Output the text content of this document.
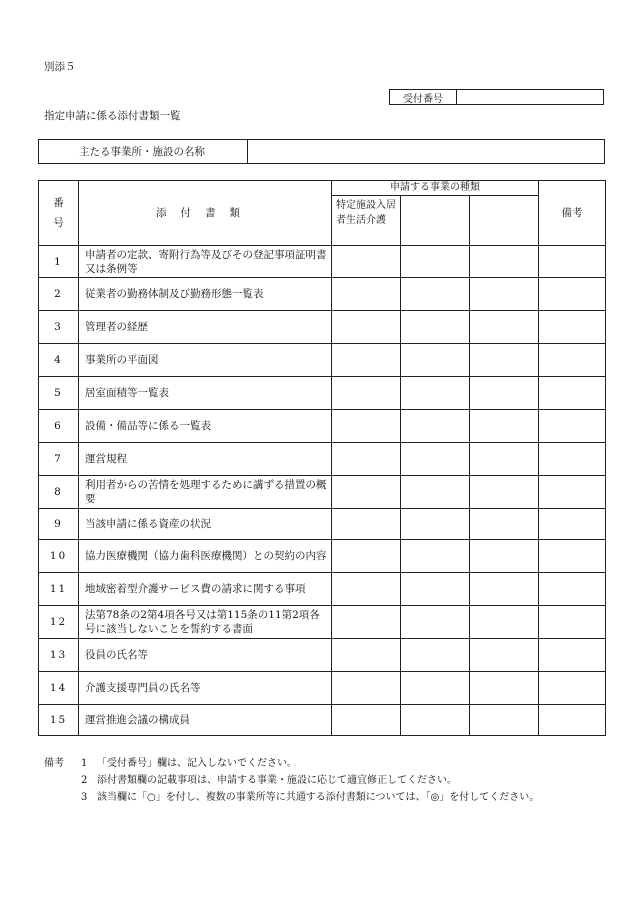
別添５
受付番号
指定申請に係る添付書類一覧
主たる事業所・施設の名称
番
号	添付書類	申請する事業の種類			備考
		特定施設入居者生活介護			
1	申請者の定款、寄附行為等及びその登記事項証明書又は条例等				
2	従業者の勤務体制及び勤務形態一覧表				
3	管理者の経歴				
4	事業所の平面図				
5	居室面積等一覧表				
6	設備・備品等に係る一覧表				
7	運営規程				
8	利用者からの苦情を処理するために講ずる措置の概要				
9	当該申請に係る資産の状況				
10	協力医療機関（協力歯科医療機関）との契約の内容				
11	地域密着型介護サービス費の請求に関する事項				
12	法第78条の2第4項各号又は第115条の11第2項各号に該当しないことを誓約する書面				
13	役員の氏名等				
14	介護支援専門員の氏名等				
15	運営推進会議の構成員				
備考	1 「受付番号」欄は、記入しないでください。
2 添付書類欄の記載事項は、申請する事業・施設に応じて適宜修正してください。
3 該当欄に「○」を付し、複数の事業所等に共通する添付書類については、「◎」を付してください。
